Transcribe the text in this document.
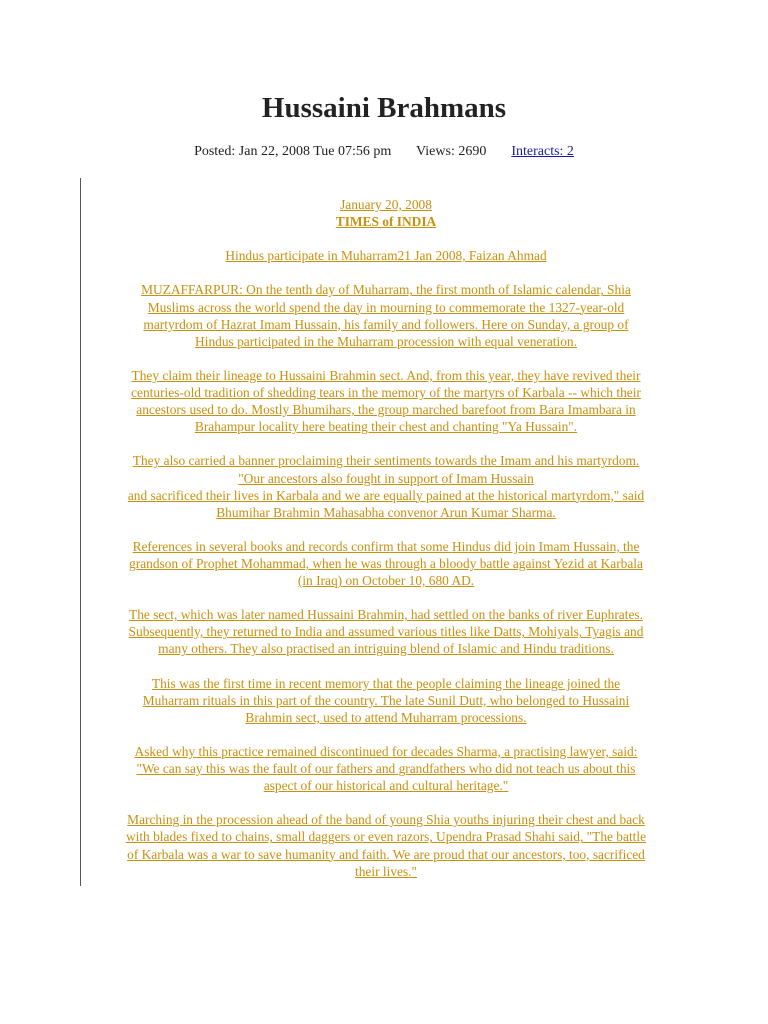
Hussaini Brahmans
Posted: Jan 22, 2008 Tue 07:56 pm Views: 2690 Interacts: 2
January 20, 2008
TIMES of INDIA
Hindus participate in Muharram21 Jan 2008, Faizan Ahmad
MUZAFFARPUR: On the tenth day of Muharram, the first month of Islamic calendar, Shia
Muslims across the world spend the day in mourning to commemorate the 1327-year-old
martyrdom of Hazrat Imam Hussain, his family and followers. Here on Sunday, a group of
Hindus participated in the Muharram procession with equal veneration.
They claim their lineage to Hussaini Brahmin sect. And, from this year, they have revived their
centuries-old tradition of shedding tears in the memory of the martyrs of Karbala -- which their
ancestors used to do. Mostly Bhumihars, the group marched barefoot from Bara Imambara in
Brahampur locality here beating their chest and chanting "Ya Hussain".
They also carried a banner proclaiming their sentiments towards the Imam and his martyrdom.
"Our ancestors also fought in support of Imam Hussain
and sacrificed their lives in Karbala and we are equally pained at the historical martyrdom," said
Bhumihar Brahmin Mahasabha convenor Arun Kumar Sharma.
References in several books and records confirm that some Hindus did join Imam Hussain, the
grandson of Prophet Mohammad, when he was through a bloody battle against Yezid at Karbala
(in Iraq) on October 10, 680 AD.
The sect, which was later named Hussaini Brahmin, had settled on the banks of river Euphrates.
Subsequently, they returned to India and assumed various titles like Datts, Mohiyals, Tyagis and
many others. They also practised an intriguing blend of Islamic and Hindu traditions.
This was the first time in recent memory that the people claiming the lineage joined the
Muharram rituals in this part of the country. The late Sunil Dutt, who belonged to Hussaini
Brahmin sect, used to attend Muharram processions.
Asked why this practice remained discontinued for decades Sharma, a practising lawyer, said:
"We can say this was the fault of our fathers and grandfathers who did not teach us about this
aspect of our historical and cultural heritage."
Marching in the procession ahead of the band of young Shia youths injuring their chest and back
with blades fixed to chains, small daggers or even razors, Upendra Prasad Shahi said, "The battle
of Karbala was a war to save humanity and faith. We are proud that our ancestors, too, sacrificed
their lives."
